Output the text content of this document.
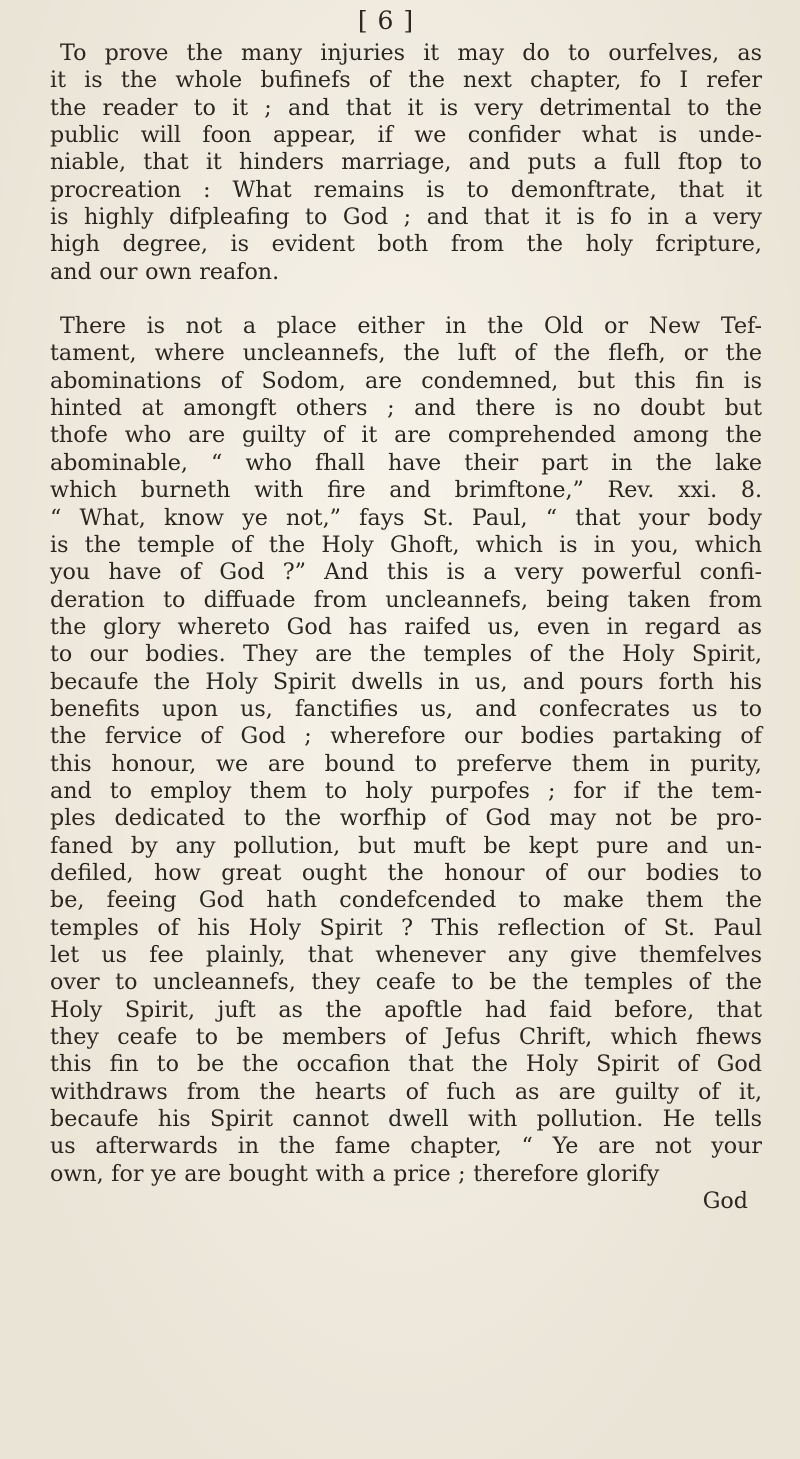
[ 6 ]
To prove the many injuries it may do to ourfelves, as
it is the whole bufinefs of the next chapter, fo I refer
the reader to it ; and that it is very detrimental to the
public will foon appear, if we confider what is unde-
niable, that it hinders marriage, and puts a full ftop to
procreation : What remains is to demonftrate, that it
is highly difpleafing to God ; and that it is fo in a very
high degree, is evident both from the holy fcripture,
and our own reafon.
There is not a place either in the Old or New Tef-
tament, where uncleannefs, the luft of the flefh, or the
abominations of Sodom, are condemned, but this fin is
hinted at amongft others ; and there is no doubt but
thofe who are guilty of it are comprehended among the
abominable, “ who fhall have their part in the lake
which burneth with fire and brimftone,” Rev. xxi. 8.
“ What, know ye not,” fays St. Paul, “ that your body
is the temple of the Holy Ghoft, which is in you, which
you have of God ?” And this is a very powerful confi-
deration to diffuade from uncleannefs, being taken from
the glory whereto God has raifed us, even in regard as
to our bodies. They are the temples of the Holy Spirit,
becaufe the Holy Spirit dwells in us, and pours forth his
benefits upon us, fanctifies us, and confecrates us to
the fervice of God ; wherefore our bodies partaking of
this honour, we are bound to preferve them in purity,
and to employ them to holy purpofes ; for if the tem-
ples dedicated to the worfhip of God may not be pro-
faned by any pollution, but muft be kept pure and un-
defiled, how great ought the honour of our bodies to
be, feeing God hath condefcended to make them the
temples of his Holy Spirit ? This reflection of St. Paul
let us fee plainly, that whenever any give themfelves
over to uncleannefs, they ceafe to be the temples of the
Holy Spirit, juft as the apoftle had faid before, that
they ceafe to be members of Jefus Chrift, which fhews
this fin to be the occafion that the Holy Spirit of God
withdraws from the hearts of fuch as are guilty of it,
becaufe his Spirit cannot dwell with pollution. He tells
us afterwards in the fame chapter, “ Ye are not your
own, for ye are bought with a price ; therefore glorify
God
